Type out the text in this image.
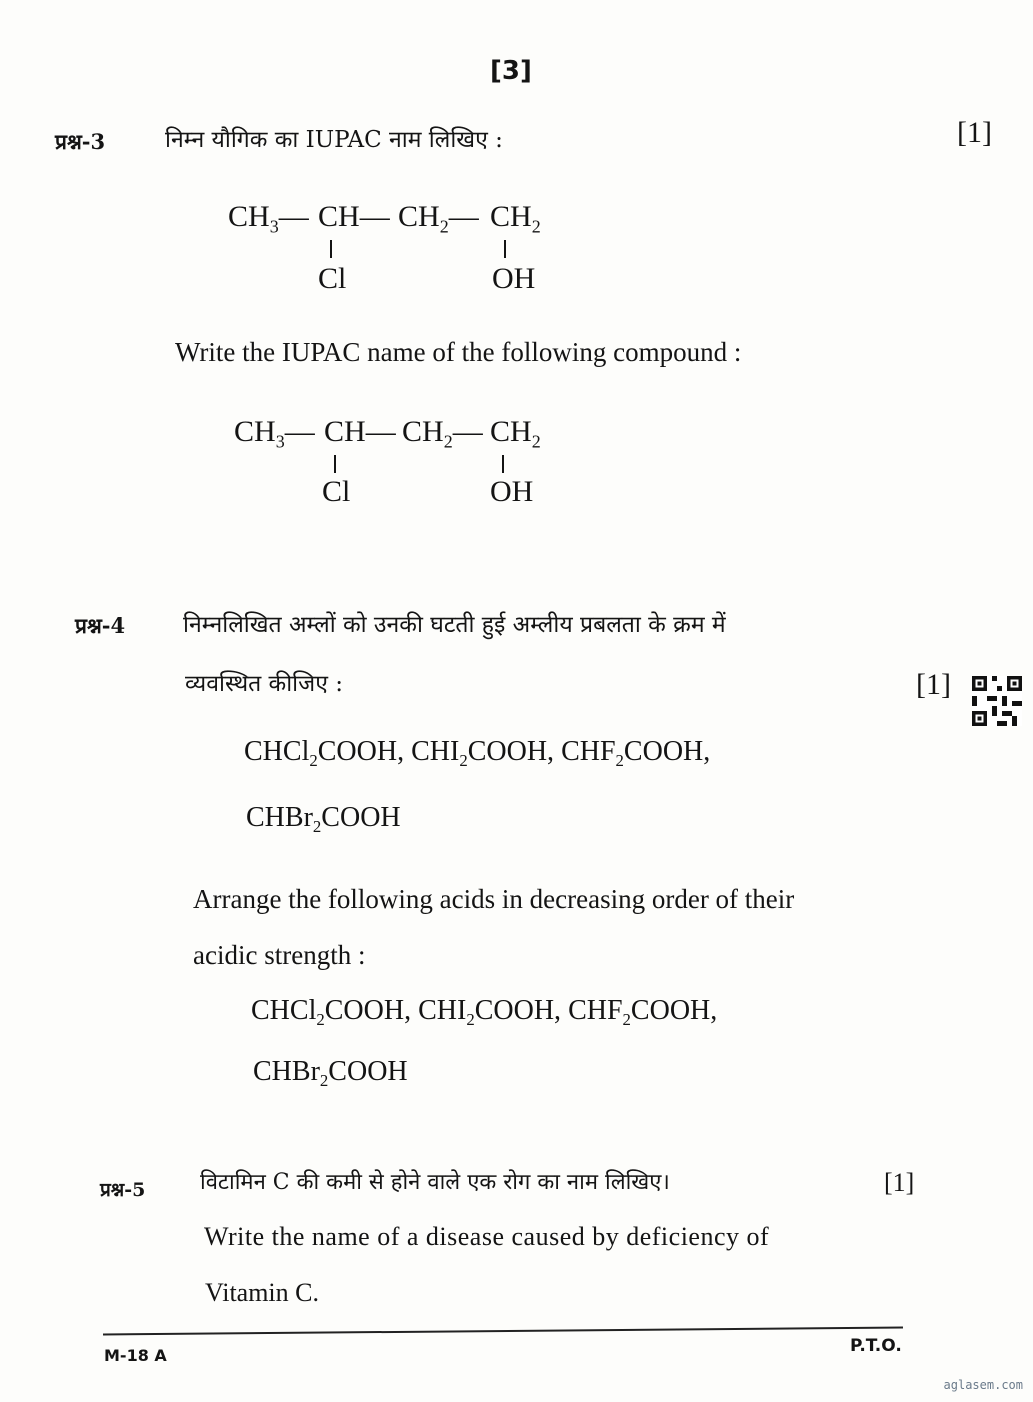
[3]
प्रश्न-3	निम्न यौगिक का IUPAC नाम लिखिए :	[1]
$CH_3—$ CH— $CH_2—$ $CH_2$
Cl	OH
Write the IUPAC name of the following compound :
$CH_3—$ CH— $CH_2—$ $CH_2$
Cl	OH
प्रश्न-4	निम्नलिखित अम्लों को उनकी घटती हुई अम्लीय प्रबलता के क्रम में
व्यवस्थित कीजिए :	[1]
CHCl$_2$COOH, $CHI_2COOH$, $CHF_2COOH$,
CHBr$_2$COOH
Arrange the following acids in decreasing order of their
acidic strength :
CHCl$_2$COOH, $CHI_2COOH$, $CHF_2COOH$,
CHBr$_2$COOH
प्रश्न-5 विटामिन C की कमी से होने वाले एक रोग का नाम लिखिए।	[1]
Write the name of a disease caused by deficiency of
Vitamin C.
M-18 A	P.T.O.
aglasem.com
